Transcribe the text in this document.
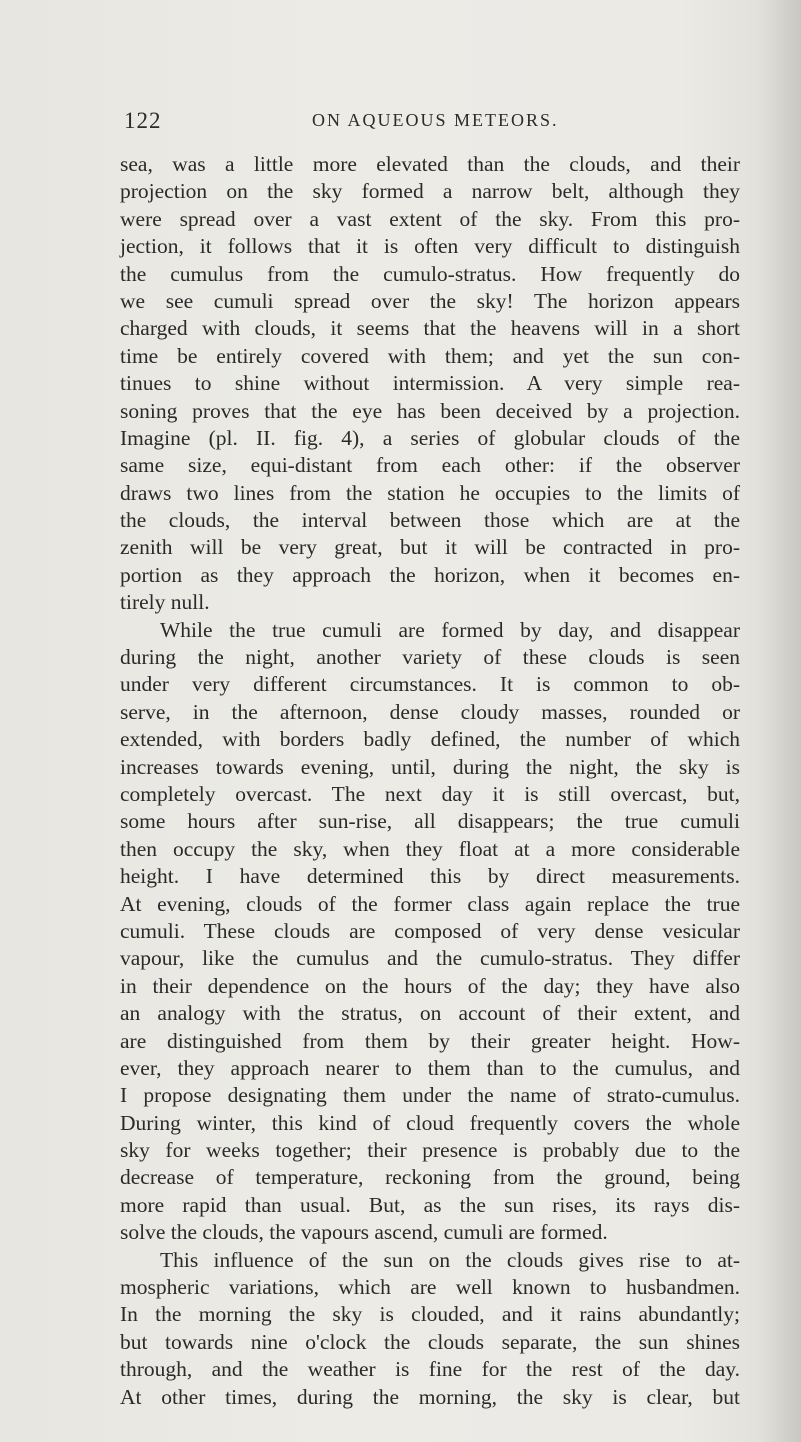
122	ON AQUEOUS METEORS.
sea, was a little more elevated than the clouds, and their
projection on the sky formed a narrow belt, although they
were spread over a vast extent of the sky. From this pro-
jection, it follows that it is often very difficult to distinguish
the cumulus from the cumulo-stratus. How frequently do
we see cumuli spread over the sky! The horizon appears
charged with clouds, it seems that the heavens will in a short
time be entirely covered with them; and yet the sun con-
tinues to shine without intermission. A very simple rea-
soning proves that the eye has been deceived by a projection.
Imagine (pl. II. fig. 4), a series of globular clouds of the
same size, equi-distant from each other: if the observer
draws two lines from the station he occupies to the limits of
the clouds, the interval between those which are at the
zenith will be very great, but it will be contracted in pro-
portion as they approach the horizon, when it becomes en-
tirely null.
While the true cumuli are formed by day, and disappear
during the night, another variety of these clouds is seen
under very different circumstances. It is common to ob-
serve, in the afternoon, dense cloudy masses, rounded or
extended, with borders badly defined, the number of which
increases towards evening, until, during the night, the sky is
completely overcast. The next day it is still overcast, but,
some hours after sun-rise, all disappears; the true cumuli
then occupy the sky, when they float at a more considerable
height. I have determined this by direct measurements.
At evening, clouds of the former class again replace the true
cumuli. These clouds are composed of very dense vesicular
vapour, like the cumulus and the cumulo-stratus. They differ
in their dependence on the hours of the day; they have also
an analogy with the stratus, on account of their extent, and
are distinguished from them by their greater height. How-
ever, they approach nearer to them than to the cumulus, and
I propose designating them under the name of strato-cumulus.
During winter, this kind of cloud frequently covers the whole
sky for weeks together; their presence is probably due to the
decrease of temperature, reckoning from the ground, being
more rapid than usual. But, as the sun rises, its rays dis-
solve the clouds, the vapours ascend, cumuli are formed.
This influence of the sun on the clouds gives rise to at-
mospheric variations, which are well known to husbandmen.
In the morning the sky is clouded, and it rains abundantly;
but towards nine o'clock the clouds separate, the sun shines
through, and the weather is fine for the rest of the day.
At other times, during the morning, the sky is clear, but
